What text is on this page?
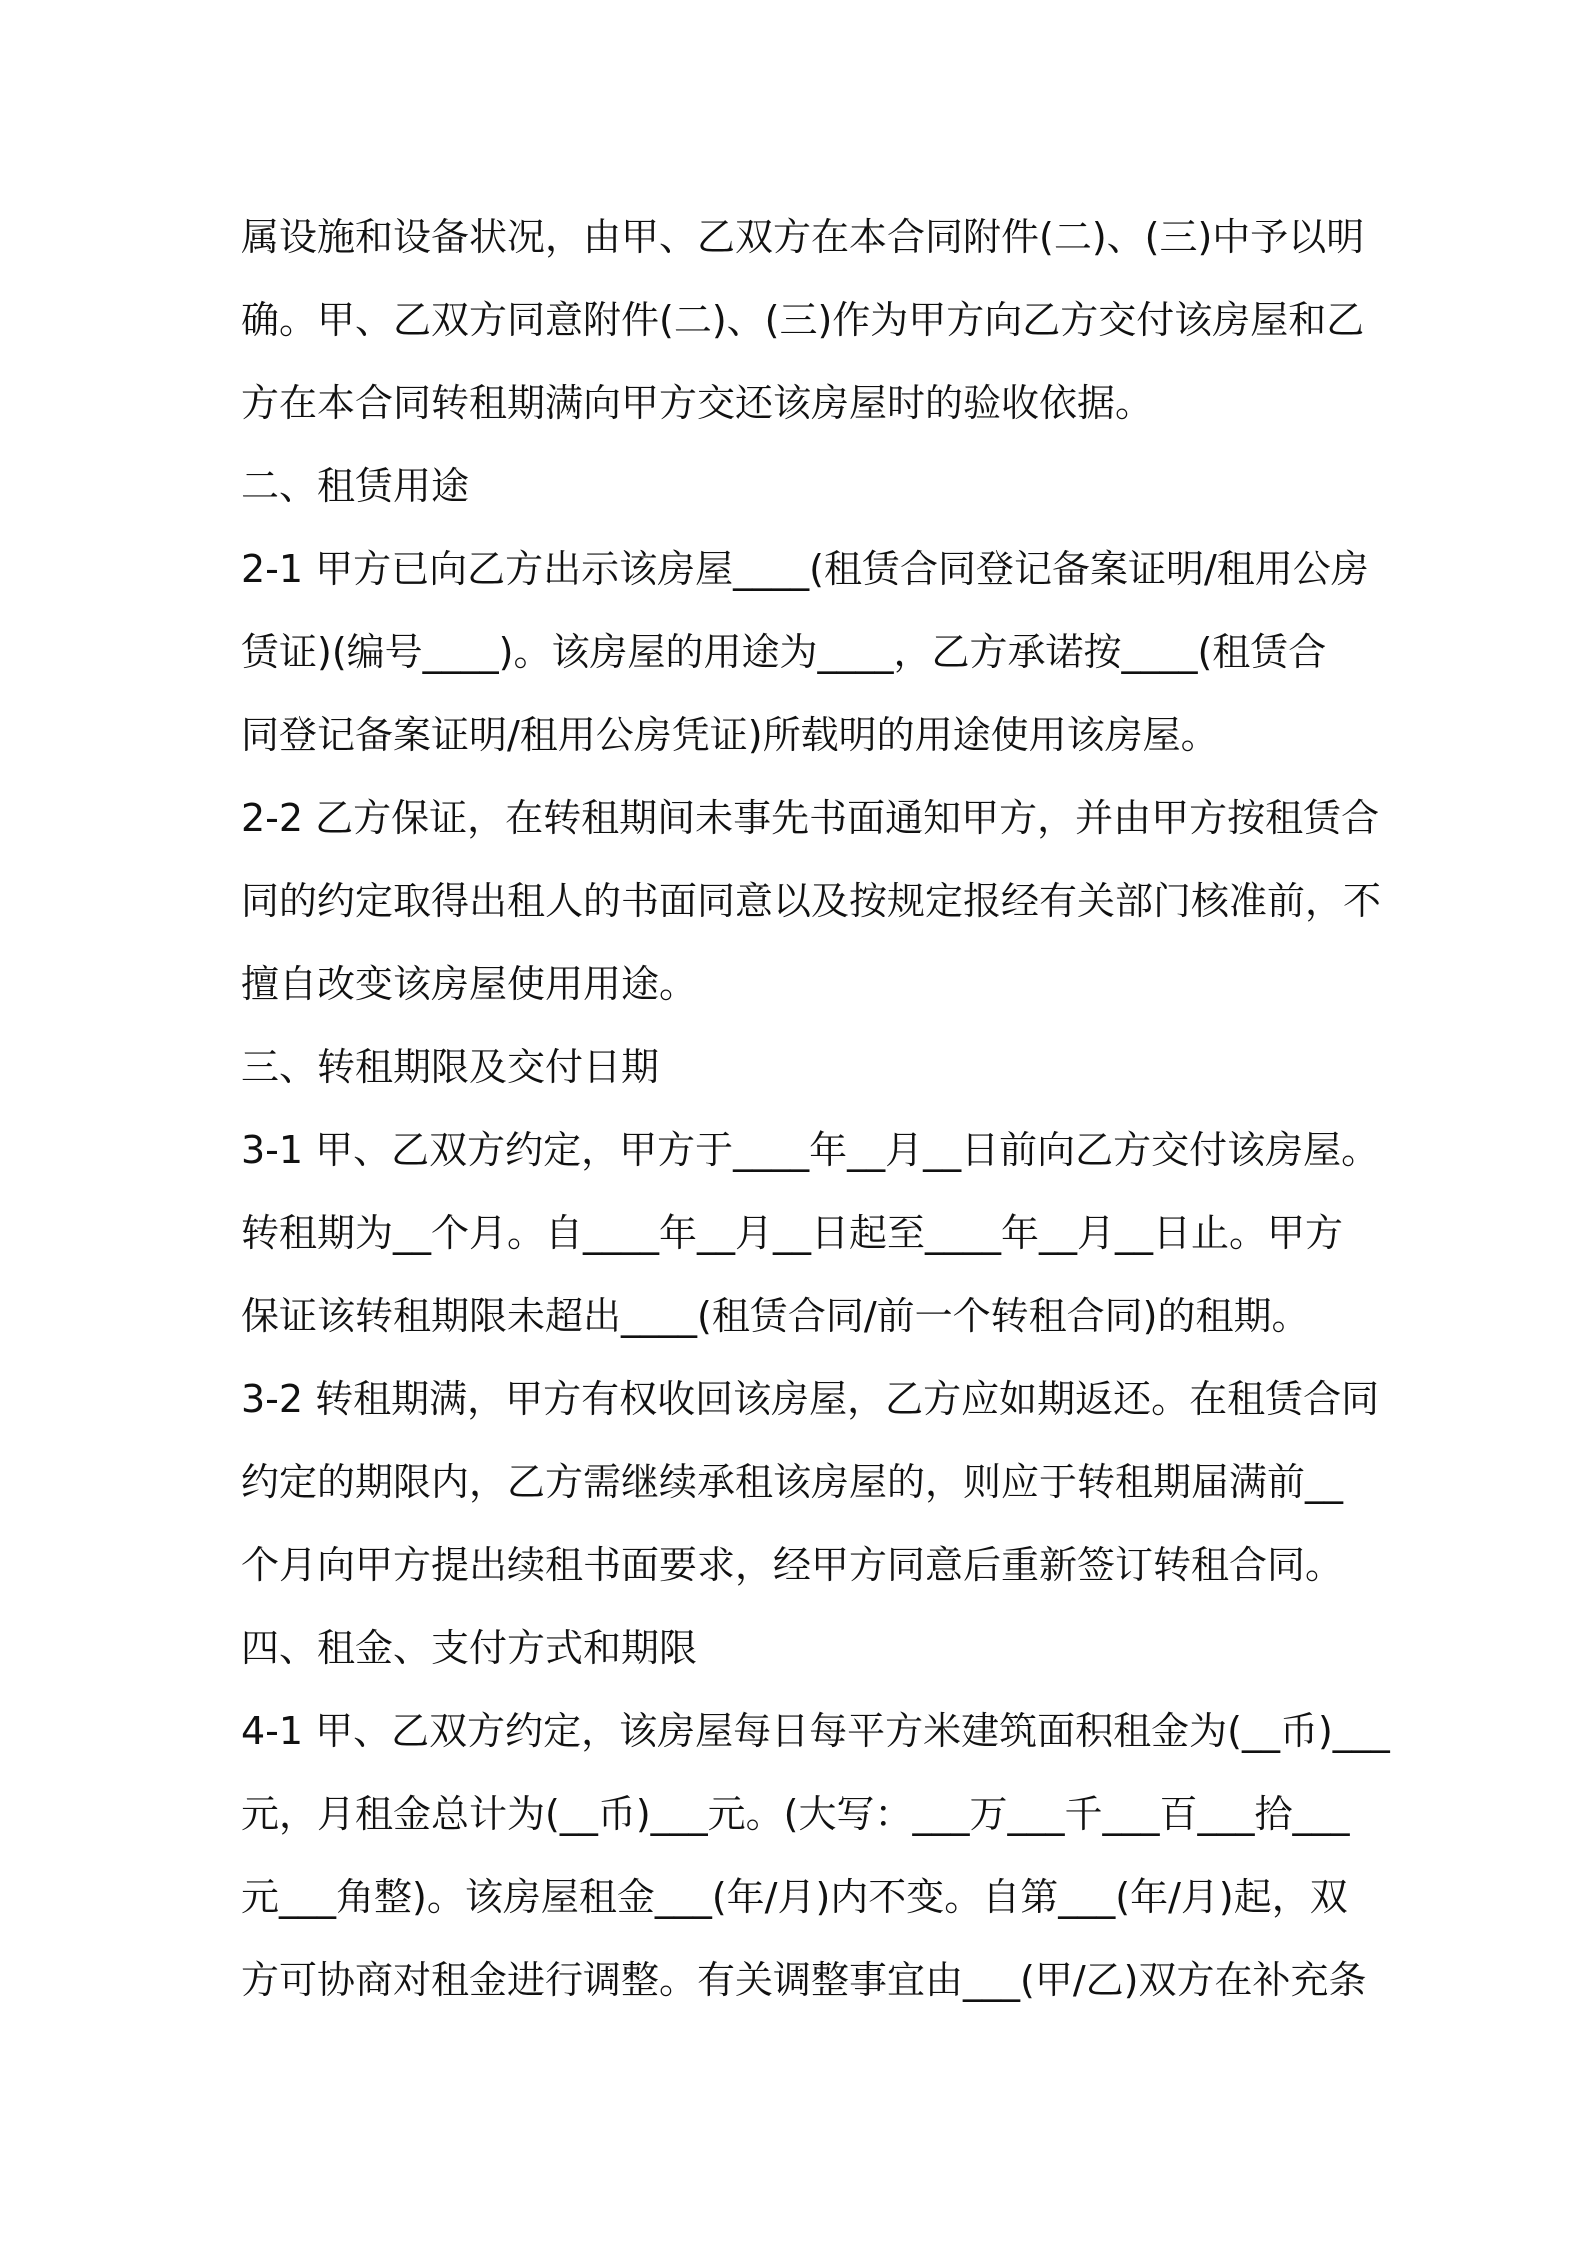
属设施和设备状况，由甲、乙双方在本合同附件(二)、(三)中予以明
确。甲、乙双方同意附件(二)、(三)作为甲方向乙方交付该房屋和乙
方在本合同转租期满向甲方交还该房屋时的验收依据。
二、租赁用途
2-1 甲方已向乙方出示该房屋____(租赁合同登记备案证明/租用公房
赁证)(编号____)。该房屋的用途为____，乙方承诺按____(租赁合
同登记备案证明/租用公房凭证)所载明的用途使用该房屋。
2-2 乙方保证，在转租期间未事先书面通知甲方，并由甲方按租赁合
同的约定取得出租人的书面同意以及按规定报经有关部门核准前，不
擅自改变该房屋使用用途。
三、转租期限及交付日期
3-1 甲、乙双方约定，甲方于____年__月__日前向乙方交付该房屋。
转租期为__个月。自____年__月__日起至____年__月__日止。甲方
保证该转租期限未超出____(租赁合同/前一个转租合同)的租期。
3-2 转租期满，甲方有权收回该房屋，乙方应如期返还。在租赁合同
约定的期限内，乙方需继续承租该房屋的，则应于转租期届满前__
个月向甲方提出续租书面要求，经甲方同意后重新签订转租合同。
四、租金、支付方式和期限
4-1 甲、乙双方约定，该房屋每日每平方米建筑面积租金为(__币)___
元，月租金总计为(__币)___元。(大写：___万___千___百___拾___
元___角整)。该房屋租金___(年/月)内不变。自第___(年/月)起，双
方可协商对租金进行调整。有关调整事宜由___(甲/乙)双方在补充条
